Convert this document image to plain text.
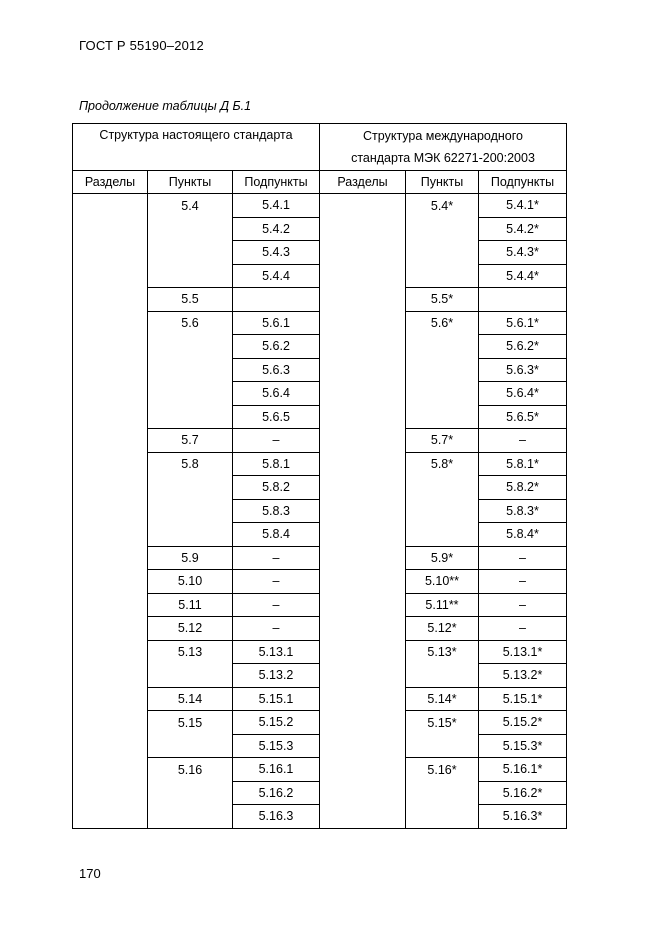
ГОСТ Р 55190–2012
Продолжение таблицы Д Б.1
Структура настоящего стандарта			Структура международного
стандарта МЭК 62271-200:2003		

Разделы	Пункты	Подпункты	Разделы	Пункты	Подпункты
	5.4	5.4.1		5.4*	5.4.1*
		5.4.2			5.4.2*
		5.4.3			5.4.3*
		5.4.4			5.4.4*
	5.5			5.5*	
	5.6	5.6.1		5.6*	5.6.1*
		5.6.2			5.6.2*
		5.6.3			5.6.3*
		5.6.4			5.6.4*
		5.6.5			5.6.5*
	5.7	–		5.7*	–
	5.8	5.8.1		5.8*	5.8.1*
		5.8.2			5.8.2*
		5.8.3			5.8.3*
		5.8.4			5.8.4*
	5.9	–		5.9*	–
	5.10	–		5.10**	–
	5.11	–		5.11**	–
	5.12	–		5.12*	–
	5.13	5.13.1		5.13*	5.13.1*
		5.13.2			5.13.2*
	5.14	5.15.1		5.14*	5.15.1*
	5.15	5.15.2		5.15*	5.15.2*
		5.15.3			5.15.3*
	5.16	5.16.1		5.16*	5.16.1*
		5.16.2			5.16.2*
		5.16.3			5.16.3*
170
